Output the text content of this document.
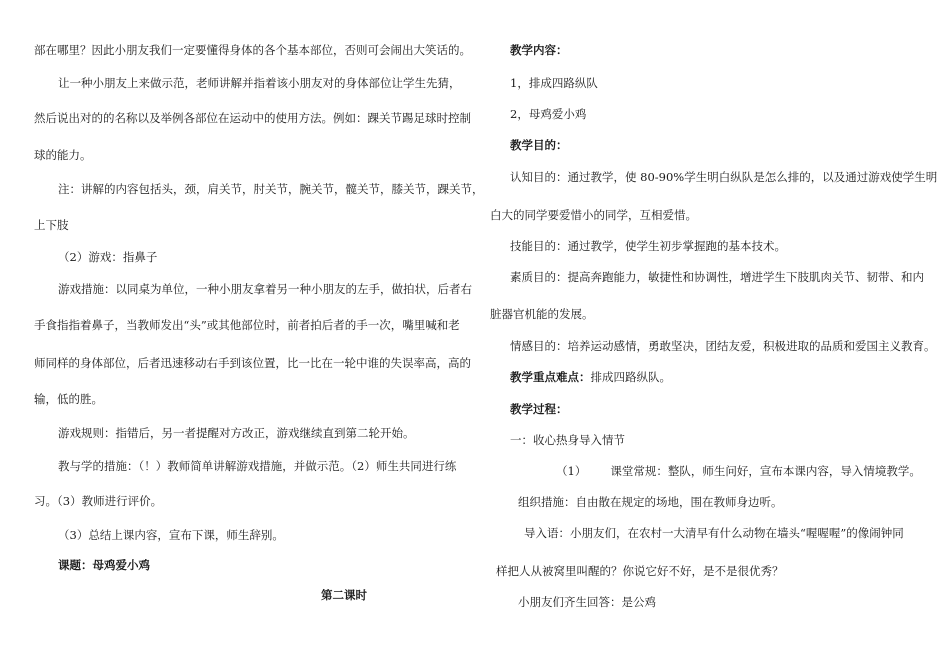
部在哪里？因此小朋友我们一定要懂得身体的各个基本部位，否则可会闹出大笑话的。
让一种小朋友上来做示范，老师讲解并指着该小朋友对的身体部位让学生先猜，
然后说出对的的名称以及举例各部位在运动中的使用方法。例如：踝关节踢足球时控制
球的能力。
注：讲解的内容包括头，颈，肩关节，肘关节，腕关节，髋关节，膝关节，踝关节，
上下肢
（2）游戏：指鼻子
游戏措施：以同桌为单位，一种小朋友拿着另一种小朋友的左手，做拍状，后者右
手食指指着鼻子，当教师发出“头”或其他部位时，前者拍后者的手一次，嘴里喊和老
师同样的身体部位，后者迅速移动右手到该位置，比一比在一轮中谁的失误率高，高的
输，低的胜。
游戏规则：指错后，另一者提醒对方改正，游戏继续直到第二轮开始。
教与学的措施：（！）教师简单讲解游戏措施，并做示范。（2）师生共同进行练
习。（3）教师进行评价。
（3）总结上课内容，宣布下课，师生辞别。
课题：母鸡爱小鸡
第二课时
教学内容：
1，排成四路纵队
2，母鸡爱小鸡
教学目的：
认知目的：通过教学，使 80-90%学生明白纵队是怎么排的，以及通过游戏使学生明
白大的同学要爱惜小的同学，互相爱惜。
技能目的：通过教学，使学生初步掌握跑的基本技术。
素质目的：提高奔跑能力，敏捷性和协调性，增进学生下肢肌肉关节、韧带、和内
脏器官机能的发展。
情感目的：培养运动感情，勇敢坚决，团结友爱，积极进取的品质和爱国主义教育。
教学重点难点：排成四路纵队。
教学过程：
一：收心热身导入情节
（1） 课堂常规：整队，师生问好，宣布本课内容，导入情境教学。
组织措施：自由散在规定的场地，围在教师身边听。
导入语：小朋友们，在农村一大清早有什么动物在墙头“喔喔喔”的像闹钟同
样把人从被窝里叫醒的？你说它好不好，是不是很优秀？
小朋友们齐生回答：是公鸡
